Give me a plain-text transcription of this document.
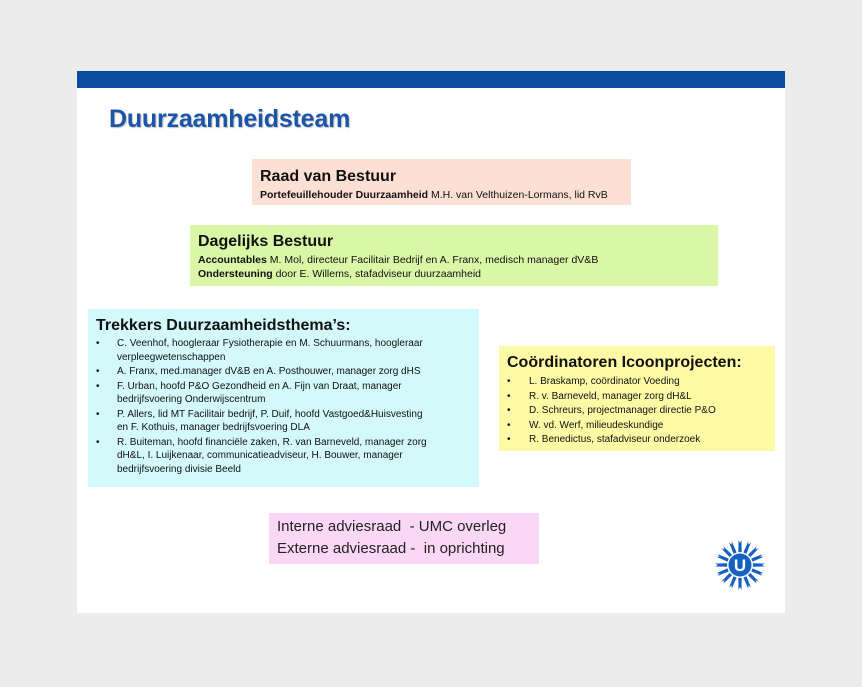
Duurzaamheidsteam
Raad van Bestuur
Portefeuillehouder Duurzaamheid M.H. van Velthuizen-Lormans, lid RvB
Dagelijks Bestuur
Accountables M. Mol, directeur Facilitair Bedrijf en A. Franx, medisch manager dV&B
Ondersteuning door E. Willems, stafadviseur duurzaamheid
Trekkers Duurzaamheidsthema’s:
• C. Veenhof, hoogleraar Fysiotherapie en M. Schuurmans, hoogleraar
verpleegwetenschappen
• A. Franx, med.manager dV&B en A. Posthouwer, manager zorg dHS
• F. Urban, hoofd P&O Gezondheid en A. Fijn van Draat, manager
bedrijfsvoering Onderwijscentrum
• P. Allers, lid MT Facilitair bedrijf, P. Duif, hoofd Vastgoed&Huisvesting
en F. Kothuis, manager bedrijfsvoering DLA
• R. Buiteman, hoofd financiële zaken, R. van Barneveld, manager zorg
dH&L, I. Luijkenaar, communicatieadviseur, H. Bouwer, manager
bedrijfsvoering divisie Beeld
Coördinatoren Icoonprojecten:
• L. Braskamp, coördinator Voeding
• R. v. Barneveld, manager zorg dH&L
• D. Schreurs, projectmanager directie P&O
• W. vd. Werf, milieudeskundige
• R. Benedictus, stafadviseur onderzoek
Interne adviesraad  - UMC overleg
Externe adviesraad -  in oprichting
U
